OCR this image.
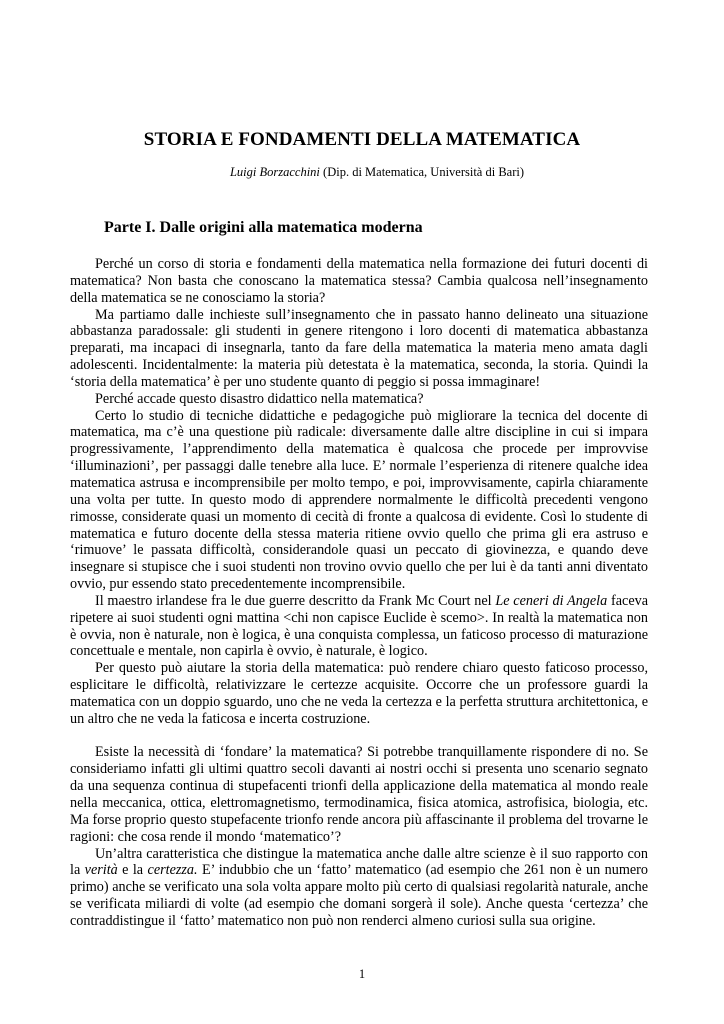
STORIA E FONDAMENTI DELLA MATEMATICA

Luigi Borzacchini (Dip. di Matematica, Università di Bari)

Parte I. Dalle origini alla matematica moderna

Perché un corso di storia e fondamenti della matematica nella formazione dei futuri docenti di matematica? Non basta che conoscano la matematica stessa? Cambia qualcosa nell’insegnamento della matematica se ne conosciamo la storia?

Ma partiamo dalle inchieste sull’insegnamento che in passato hanno delineato una situazione abbastanza paradossale: gli studenti in genere ritengono i loro docenti di matematica abbastanza preparati, ma incapaci di insegnarla, tanto da fare della matematica la materia meno amata dagli adolescenti. Incidentalmente: la materia più detestata è la matematica, seconda, la storia. Quindi la ‘storia della matematica’ è per uno studente quanto di peggio si possa immaginare!

Perché accade questo disastro didattico nella matematica?

Certo lo studio di tecniche didattiche e pedagogiche può migliorare la tecnica del docente di matematica, ma c’è una questione più radicale: diversamente dalle altre discipline in cui si impara progressivamente, l’apprendimento della matematica è qualcosa che procede per improvvise ‘illuminazioni’, per passaggi dalle tenebre alla luce. E’ normale l’esperienza di ritenere qualche idea matematica astrusa e incomprensibile per molto tempo, e poi, improvvisamente, capirla chiaramente una volta per tutte. In questo modo di apprendere normalmente le difficoltà precedenti vengono rimosse, considerate quasi un momento di cecità di fronte a qualcosa di evidente. Così lo studente di matematica e futuro docente della stessa materia ritiene ovvio quello che prima gli era astruso e ‘rimuove’ le passata difficoltà, considerandole quasi un peccato di giovinezza, e quando deve insegnare si stupisce che i suoi studenti non trovino ovvio quello che per lui è da tanti anni diventato ovvio, pur essendo stato precedentemente incomprensibile.

Il maestro irlandese fra le due guerre descritto da Frank Mc Court nel Le ceneri di Angela faceva ripetere ai suoi studenti ogni mattina <chi non capisce Euclide è scemo>. In realtà la matematica non è ovvia, non è naturale, non è logica, è una conquista complessa, un faticoso processo di maturazione concettuale e mentale, non capirla è ovvio, è naturale, è logico.

Per questo può aiutare la storia della matematica: può rendere chiaro questo faticoso processo, esplicitare le difficoltà, relativizzare le certezze acquisite. Occorre che un professore guardi la matematica con un doppio sguardo, uno che ne veda la certezza e la perfetta struttura architettonica, e un altro che ne veda la faticosa e incerta costruzione.

Esiste la necessità di ‘fondare’ la matematica? Si potrebbe tranquillamente rispondere di no. Se consideriamo infatti gli ultimi quattro secoli davanti ai nostri occhi si presenta uno scenario segnato da una sequenza continua di stupefacenti trionfi della applicazione della matematica al mondo reale nella meccanica, ottica, elettromagnetismo, termodinamica, fisica atomica, astrofisica, biologia, etc. Ma forse proprio questo stupefacente trionfo rende ancora più affascinante il problema del trovarne le ragioni: che cosa rende il mondo ‘matematico’?

Un’altra caratteristica che distingue la matematica anche dalle altre scienze è il suo rapporto con la verità e la certezza. E’ indubbio che un ‘fatto’ matematico (ad esempio che 261 non è un numero primo) anche se verificato una sola volta appare molto più certo di qualsiasi regolarità naturale, anche se verificata miliardi di volte (ad esempio che domani sorgerà il sole). Anche questa ‘certezza’ che contraddistingue il ‘fatto’ matematico non può non renderci almeno curiosi sulla sua origine.

1
